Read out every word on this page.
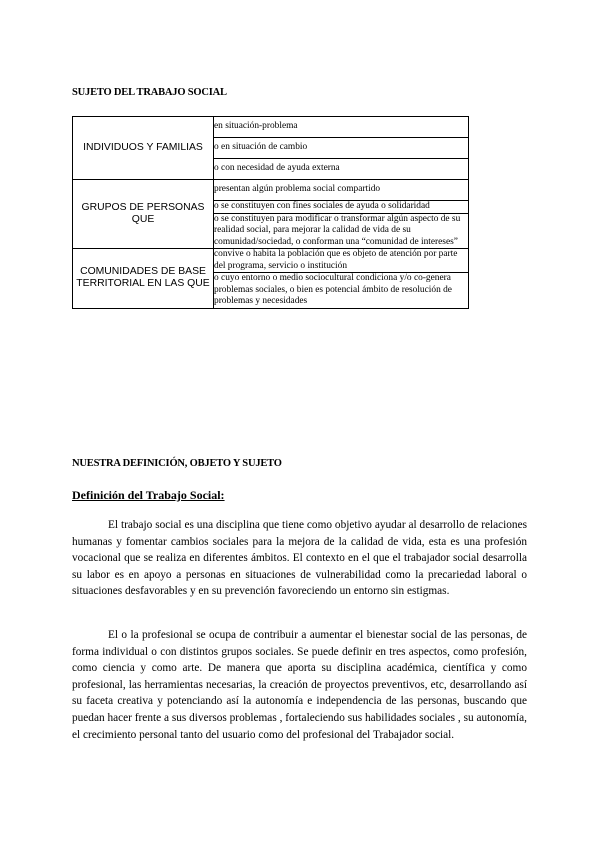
SUJETO DEL TRABAJO SOCIAL
INDIVIDUOS Y FAMILIAS	en situación-problema
	o en situación de cambio
	o con necesidad de ayuda externa
GRUPOS DE PERSONAS QUE	presentan algún problema social compartido
	o se constituyen con fines sociales de ayuda o solidaridad
	o se constituyen para modificar o transformar algún aspecto de su realidad social, para mejorar la calidad de vida de su comunidad/sociedad, o conforman una “comunidad de intereses”
COMUNIDADES DE BASE TERRITORIAL EN LAS QUE	convive o habita la población que es objeto de atención por parte del programa, servicio o institución
	o cuyo entorno o medio sociocultural condiciona y/o co-genera problemas sociales, o bien es potencial ámbito de resolución de problemas y necesidades
NUESTRA DEFINICIÓN, OBJETO Y SUJETO
Definición del Trabajo Social:

El trabajo social es una disciplina que tiene como objetivo ayudar al desarrollo de relaciones humanas y fomentar cambios sociales para la mejora de la calidad de vida, esta es una profesión vocacional que se realiza en diferentes ámbitos. El contexto en el que el trabajador social desarrolla su labor es en apoyo a personas en situaciones de vulnerabilidad como la precariedad laboral o situaciones desfavorables y en su prevención favoreciendo un entorno sin estigmas.

El o la profesional se ocupa de contribuir a aumentar el bienestar social de las personas, de forma individual o con distintos grupos sociales. Se puede definir en tres aspectos, como profesión, como ciencia y como arte. De manera que aporta su disciplina académica, científica y como profesional, las herramientas necesarias, la creación de proyectos preventivos, etc, desarrollando así su faceta creativa y potenciando así la autonomía e independencia de las personas, buscando que puedan hacer frente a sus diversos problemas , fortaleciendo sus habilidades sociales , su autonomía, el crecimiento personal tanto del usuario como del profesional del Trabajador social.
